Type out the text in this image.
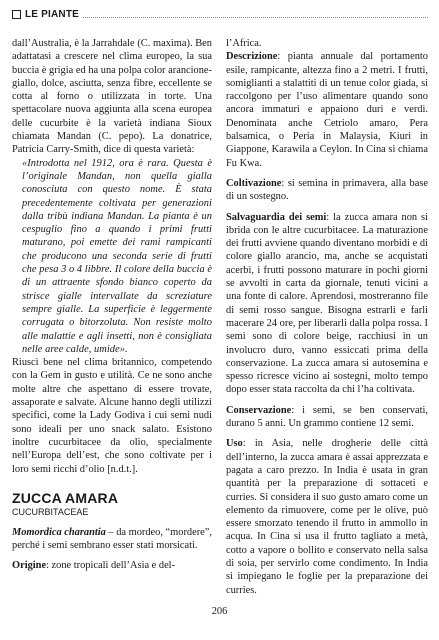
LE PIANTE

dall’Australia, è la Jarrahdale (C. maxima). Ben adattatasi a crescere nel clima europeo, la sua buccia è grigia ed ha una polpa color arancione-giallo, dolce, asciutta, senza fibre, eccellente se cotta al forno o utilizzata in torte. Una spettacolare nuova aggiunta alla scena europea delle cucurbite è la varietà indiana Sioux chiamata Mandan (C. pepo). La donatrice, Patricia Carry-Smith, dice di questa varietà:

«Introdotta nel 1912, ora è rara. Questa è l’originale Mandan, non quella gialla conosciuta con questo nome. È stata precedentemente coltivata per generazioni dalla tribù indiana Mandan. La pianta è un cespuglio fino a quando i primi frutti maturano, poi emette dei rami rampicanti che producono una seconda serie di frutti che pesa 3 o 4 libbre. Il colore della buccia è di un attraente sfondo bianco coperto da strisce gialle intervallate da screziature sempre gialle. La superficie è leggermente corrugata o bitorzoluta. Non resiste molto alle malattie e agli insetti, non è consigliata nelle aree calde, umide».

Riuscì bene nel clima britannico, competendo con la Gem in gusto e utilità. Ce ne sono anche molte altre che aspettano di essere trovate, assaporate e salvate. Alcune hanno degli utilizzi specifici, come la Lady Godiva i cui semi nudi sono ideali per uno snack salato. Esistono inoltre cucurbitacee da olio, specialmente nell’Europa dell’est, che sono coltivate per i loro semi ricchi d’olio [n.d.t.].

ZUCCA AMARA
CUCURBITACEAE

Momordica charantia – da mordeo, “mordere”, perché i semi sembrano esser stati morsicati.

Origine: zone tropicali dell’Asia e del-

l’Africa.

Descrizione: pianta annuale dal portamento esile, rampicante, altezza fino a 2 metri. I frutti, somiglianti a stalattiti di un tenue color giada, si raccolgono per l’uso alimentare quando sono ancora immaturi e appaiono duri e verdi. Denominata anche Cetriolo amaro, Pera balsamica, o Peria in Malaysia, Kiuri in Giappone, Karawila a Ceylon. In Cina si chiama Fu Kwa.

Coltivazione: si semina in primavera, alla base di un sostegno.

Salvaguardia dei semi: la zucca amara non si ibrida con le altre cucurbitacee. La maturazione dei frutti avviene quando diventano morbidi e di colore giallo arancio, ma, anche se acquistati acerbi, i frutti possono maturare in pochi giorni se avvolti in carta da giornale, tenuti vicini a una fonte di calore. Aprendosi, mostreranno file di semi rosso sangue. Bisogna estrarli e farli macerare 24 ore, per liberarli dalla polpa rossa. I semi sono di colore beige, racchiusi in un involucro duro, vanno essiccati prima della conservazione. La zucca amara si autosemina e spesso ricresce vicino ai sostegni, molto tempo dopo esser stata raccolta da chi l’ha coltivata.

Conservazione: i semi, se ben conservati, durano 5 anni. Un grammo contiene 12 semi.

Uso: in Asia, nelle drogherie delle città dell’interno, la zucca amara è assai apprezzata e pagata a caro prezzo. In India è usata in gran quantità per la preparazione di sottaceti e curries. Si considera il suo gusto amaro come un elemento da rimuovere, come per le olive, può essere smorzato tenendo il frutto in ammollo in acqua. In Cina si usa il frutto tagliato a metà, cotto a vapore o bollito e conservato nella salsa di soia, per servirlo come condimento. In India si impiegano le foglie per la preparazione dei curries.

206
